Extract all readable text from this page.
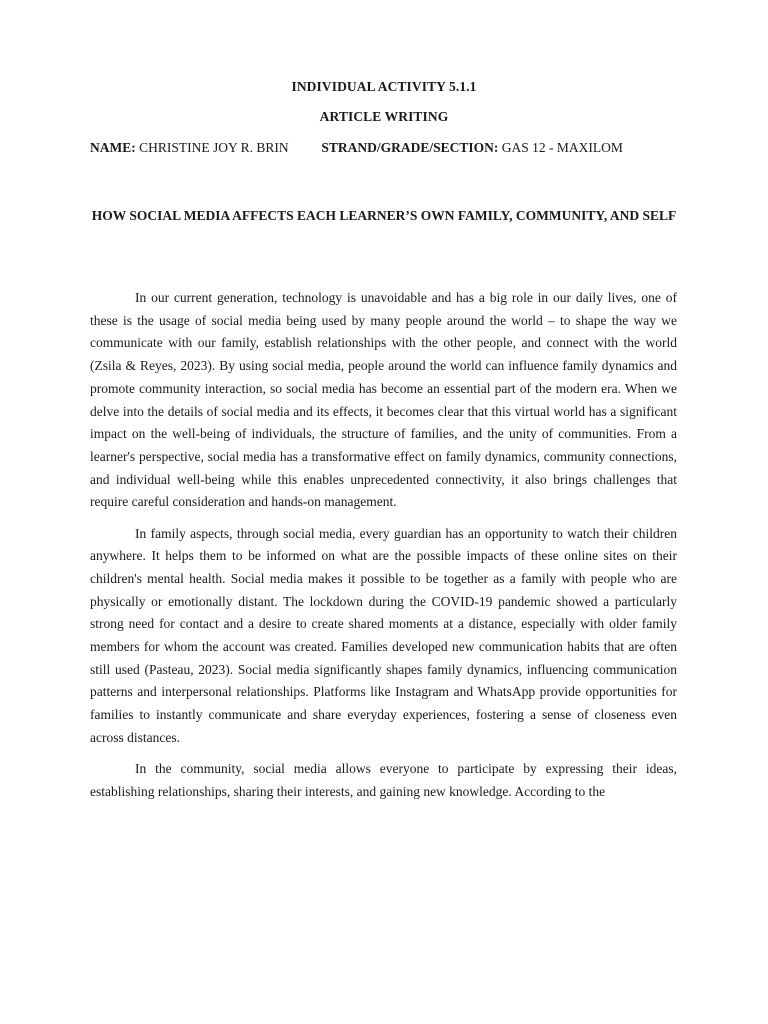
INDIVIDUAL ACTIVITY 5.1.1
ARTICLE WRITING
NAME: CHRISTINE JOY R. BRIN STRAND/GRADE/SECTION: GAS 12 - MAXILOM
HOW SOCIAL MEDIA AFFECTS EACH LEARNER’S OWN FAMILY, COMMUNITY, AND SELF

In our current generation, technology is unavoidable and has a big role in our daily lives, one of these is the usage of social media being used by many people around the world – to shape the way we communicate with our family, establish relationships with the other people, and connect with the world (Zsila & Reyes, 2023). By using social media, people around the world can influence family dynamics and promote community interaction, so social media has become an essential part of the modern era. When we delve into the details of social media and its effects, it becomes clear that this virtual world has a significant impact on the well-being of individuals, the structure of families, and the unity of communities. From a learner's perspective, social media has a transformative effect on family dynamics, community connections, and individual well-being while this enables unprecedented connectivity, it also brings challenges that require careful consideration and hands-on management.

In family aspects, through social media, every guardian has an opportunity to watch their children anywhere. It helps them to be informed on what are the possible impacts of these online sites on their children's mental health. Social media makes it possible to be together as a family with people who are physically or emotionally distant. The lockdown during the COVID-19 pandemic showed a particularly strong need for contact and a desire to create shared moments at a distance, especially with older family members for whom the account was created. Families developed new communication habits that are often still used (Pasteau, 2023). Social media significantly shapes family dynamics, influencing communication patterns and interpersonal relationships. Platforms like Instagram and WhatsApp provide opportunities for families to instantly communicate and share everyday experiences, fostering a sense of closeness even across distances.

In the community, social media allows everyone to participate by expressing their ideas, establishing relationships, sharing their interests, and gaining new knowledge. According to the
